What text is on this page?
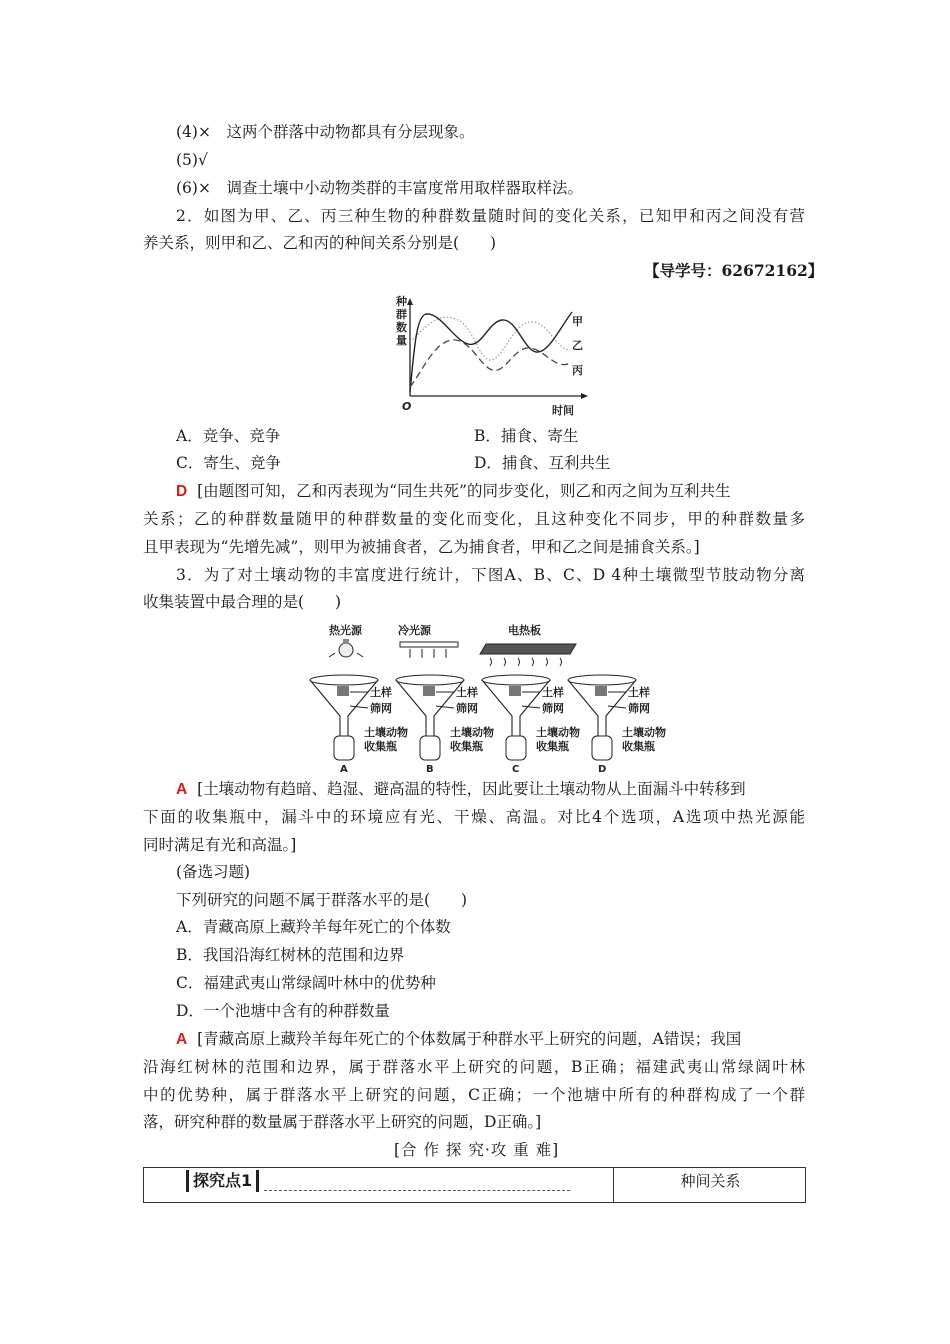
(4)×　这两个群落中动物都具有分层现象。
(5)√
(6)×　调查土壤中小动物类群的丰富度常用取样器取样法。
2．如图为甲、乙、丙三种生物的种群数量随时间的变化关系，已知甲和丙之间没有营
养关系，则甲和乙、乙和丙的种间关系分别是(　　)
【导学号：62672162】
种
群
数
量
O	时间
甲
乙
丙
A．竞争、竞争	B．捕食、寄生
C．寄生、竞争	D．捕食、互利共生
D [由题图可知，乙和丙表现为“同生共死”的同步变化，则乙和丙之间为互利共生
关系；乙的种群数量随甲的种群数量的变化而变化，且这种变化不同步，甲的种群数量多
且甲表现为“先增先减”，则甲为被捕食者，乙为捕食者，甲和乙之间是捕食关系。]
3．为了对土壤动物的丰富度进行统计，下图A、B、C、D 4种土壤微型节肢动物分离
收集装置中最合理的是(　　)
热光源
A
土样
筛网
土壤动物
收集瓶
冷光源
B
土样
筛网
土壤动物
收集瓶
电热板
C
土样
筛网
土壤动物
收集瓶
D
土样
筛网
土壤动物
收集瓶
A [土壤动物有趋暗、趋湿、避高温的特性，因此要让土壤动物从上面漏斗中转移到
下面的收集瓶中，漏斗中的环境应有光、干燥、高温。对比4个选项，A选项中热光源能
同时满足有光和高温。]
(备选习题)
下列研究的问题不属于群落水平的是(　　)
A．青藏高原上藏羚羊每年死亡的个体数
B．我国沿海红树林的范围和边界
C．福建武夷山常绿阔叶林中的优势种
D．一个池塘中含有的种群数量
A [青藏高原上藏羚羊每年死亡的个体数属于种群水平上研究的问题，A错误；我国
沿海红树林的范围和边界，属于群落水平上研究的问题，B正确；福建武夷山常绿阔叶林
中的优势种，属于群落水平上研究的问题，C正确；一个池塘中所有的种群构成了一个群
落，研究种群的数量属于群落水平上研究的问题，D正确。]
[合 作 探 究·攻 重 难]
探究点1	种间关系
